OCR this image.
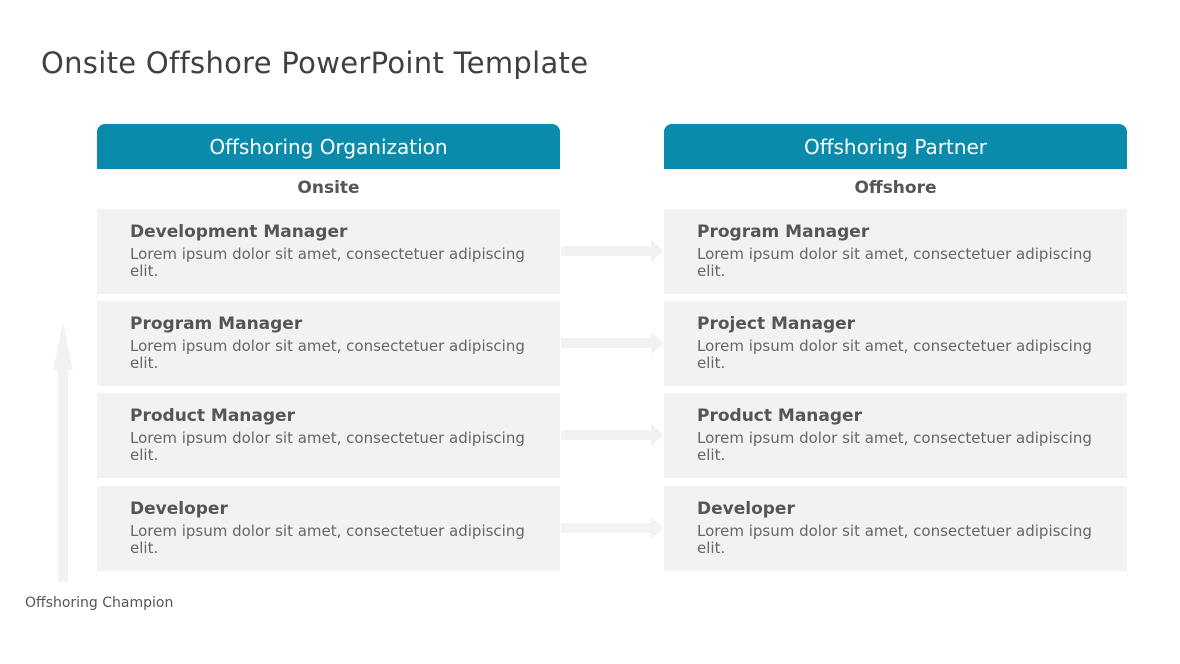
Onsite Offshore PowerPoint Template
Offshoring Organization
Onsite
Development Manager
Lorem ipsum dolor sit amet, consectetuer adipiscing elit.
Program Manager
Lorem ipsum dolor sit amet, consectetuer adipiscing elit.
Product Manager
Lorem ipsum dolor sit amet, consectetuer adipiscing elit.
Developer
Lorem ipsum dolor sit amet, consectetuer adipiscing elit.
Offshoring Partner
Offshore
Program Manager
Lorem ipsum dolor sit amet, consectetuer adipiscing elit.
Project Manager
Lorem ipsum dolor sit amet, consectetuer adipiscing elit.
Product Manager
Lorem ipsum dolor sit amet, consectetuer adipiscing elit.
Developer
Lorem ipsum dolor sit amet, consectetuer adipiscing elit.
Offshoring Champion
